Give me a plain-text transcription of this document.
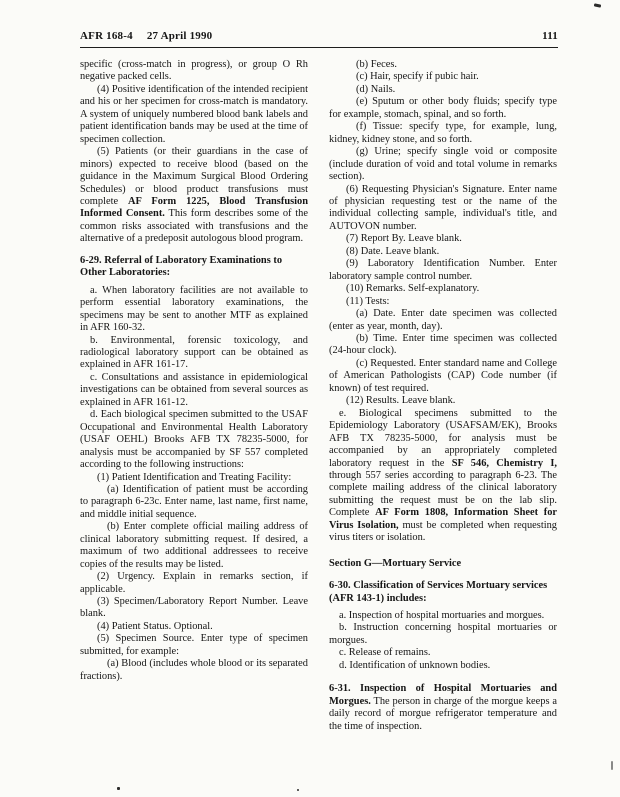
AFR 168-4 27 April 1990	111

specific (cross-match in progress), or group O Rh negative packed cells.

(4) Positive identification of the intended recipient and his or her specimen for cross-match is mandatory. A system of uniquely numbered blood bank labels and patient identification bands may be used at the time of specimen collection.

(5) Patients (or their guardians in the case of minors) expected to receive blood (based on the guidance in the Maximum Surgical Blood Ordering Schedules) or blood product transfusions must complete AF Form 1225, Blood Transfusion Informed Consent. This form describes some of the common risks associated with transfusions and the alternative of a predeposit autologous blood program.

6-29. Referral of Laboratory Examinations to Other Laboratories:

a. When laboratory facilities are not available to perform essential laboratory examinations, the specimens may be sent to another MTF as explained in AFR 160-32.

b. Environmental, forensic toxicology, and radiological laboratory support can be obtained as explained in AFR 161-17.

c. Consultations and assistance in epidemiological investigations can be obtained from several sources as explained in AFR 161-12.

d. Each biological specimen submitted to the USAF Occupational and Environmental Health Laboratory (USAF OEHL) Brooks AFB TX 78235-5000, for analysis must be accompanied by SF 557 completed according to the following instructions:

(1) Patient Identification and Treating Facility:

(a) Identification of patient must be according to paragraph 6-23c. Enter name, last name, first name, and middle initial sequence.

(b) Enter complete official mailing address of clinical laboratory submitting request. If desired, a maximum of two additional addressees to receive copies of the results may be listed.

(2) Urgency. Explain in remarks section, if applicable.

(3) Specimen/Laboratory Report Number. Leave blank.

(4) Patient Status. Optional.

(5) Specimen Source. Enter type of specimen submitted, for example:

(a) Blood (includes whole blood or its separated fractions).

(b) Feces.

(c) Hair, specify if pubic hair.

(d) Nails.

(e) Sputum or other body fluids; specify type for example, stomach, spinal, and so forth.

(f) Tissue: specify type, for example, lung, kidney, kidney stone, and so forth.

(g) Urine; specify single void or composite (include duration of void and total volume in remarks section).

(6) Requesting Physician's Signature. Enter name of physician requesting test or the name of the individual collecting sample, individual's title, and AUTOVON number.

(7) Report By. Leave blank.

(8) Date. Leave blank.

(9) Laboratory Identification Number. Enter laboratory sample control number.

(10) Remarks. Self-explanatory.

(11) Tests:

(a) Date. Enter date specimen was collected (enter as year, month, day).

(b) Time. Enter time specimen was collected (24-hour clock).

(c) Requested. Enter standard name and College of American Pathologists (CAP) Code number (if known) of test required.

(12) Results. Leave blank.

e. Biological specimens submitted to the Epidemiology Laboratory (USAFSAM/EK), Brooks AFB TX 78235-5000, for analysis must be accompanied by an appropriately completed laboratory request in the SF 546, Chemistry I, through 557 series according to paragraph 6-23. The complete mailing address of the clinical laboratory submitting the request must be on the lab slip. Complete AF Form 1808, Information Sheet for Virus Isolation, must be completed when requesting virus titers or isolation.

Section G—Mortuary Service

6-30. Classification of Services Mortuary services (AFR 143-1) includes:

a. Inspection of hospital mortuaries and morgues.

b. Instruction concerning hospital mortuaries or morgues.

c. Release of remains.

d. Identification of unknown bodies.

6-31. Inspection of Hospital Mortuaries and Morgues. The person in charge of the morgue keeps a daily record of morgue refrigerator temperature and the time of inspection.
